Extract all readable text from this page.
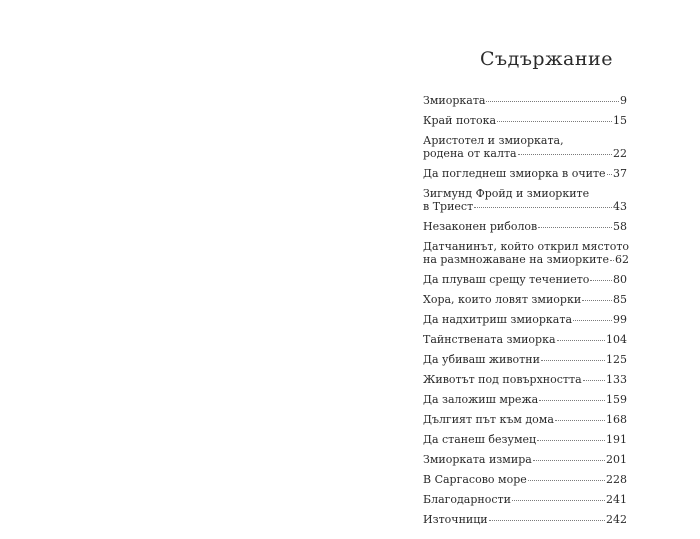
Съдържание
Змиорката	9
Край потока	15
Аристотел и змиорката,
родена от калта	22
Да погледнеш змиорка в очите 37
Зигмунд Фройд и змиорките
в Триест	43
Незаконен риболов	58
Датчанинът, който открил мястото
на размножаване на змиорките 62
Да плуваш срещу течението 80
Хора, които ловят змиорки	85
Да надхитриш змиорката	99
Тайнствената змиорка	104
Да убиваш животни	125
Животът под повърхността 133
Да заложиш мрежа	159
Дългият път към дома	168
Да станеш безумец	191
Змиорката измира	201
В Саргасово море	228
Благодарности	241
Източници	242
